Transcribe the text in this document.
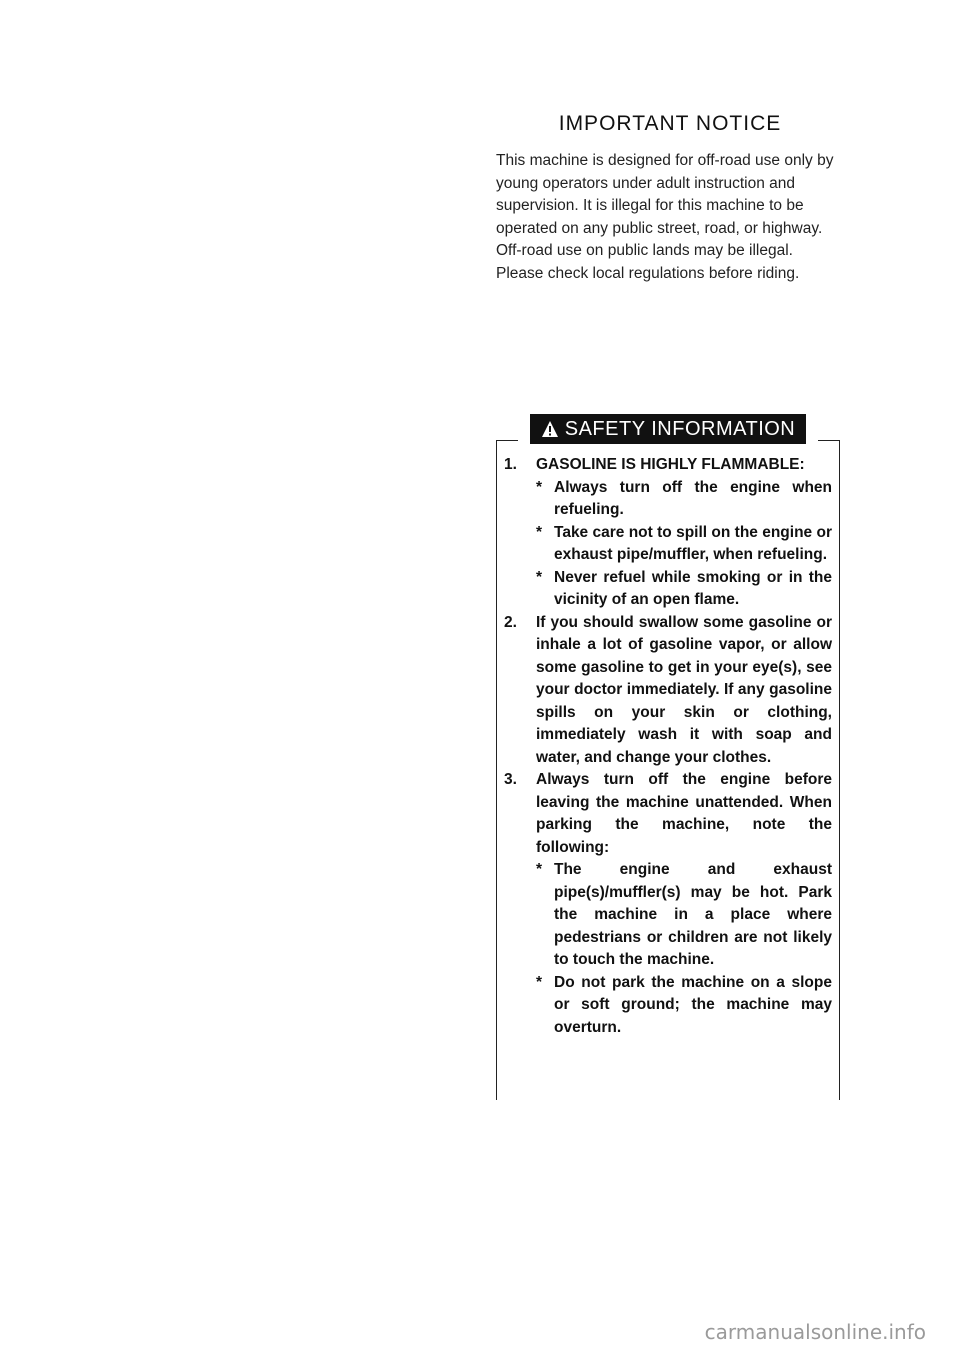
IMPORTANT NOTICE

This machine is designed for off-road use only by young operators under adult instruction and supervision. It is illegal for this machine to be operated on any public street, road, or highway.

Off-road use on public lands may be illegal. Please check local regulations before riding.

SAFETY INFORMATION
1.	GASOLINE IS HIGHLY FLAMMABLE:
* Always turn off the engine when refueling.
* Take care not to spill on the engine or exhaust pipe/muffler, when refueling.
* Never refuel while smoking or in the vicinity of an open flame.
2.	If you should swallow some gasoline or inhale a lot of gasoline vapor, or allow some gasoline to get in your eye(s), see your doctor immediately. If any gasoline spills on your skin or clothing, immediately wash it with soap and water, and change your clothes.
3.	Always turn off the engine before leaving the machine unattended. When parking the machine, note the following:
* The engine and exhaust pipe(s)/muffler(s) may be hot. Park the machine in a place where pedestrians or children are not likely to touch the machine.
* Do not park the machine on a slope or soft ground; the machine may overturn.
carmanualsonline.info
